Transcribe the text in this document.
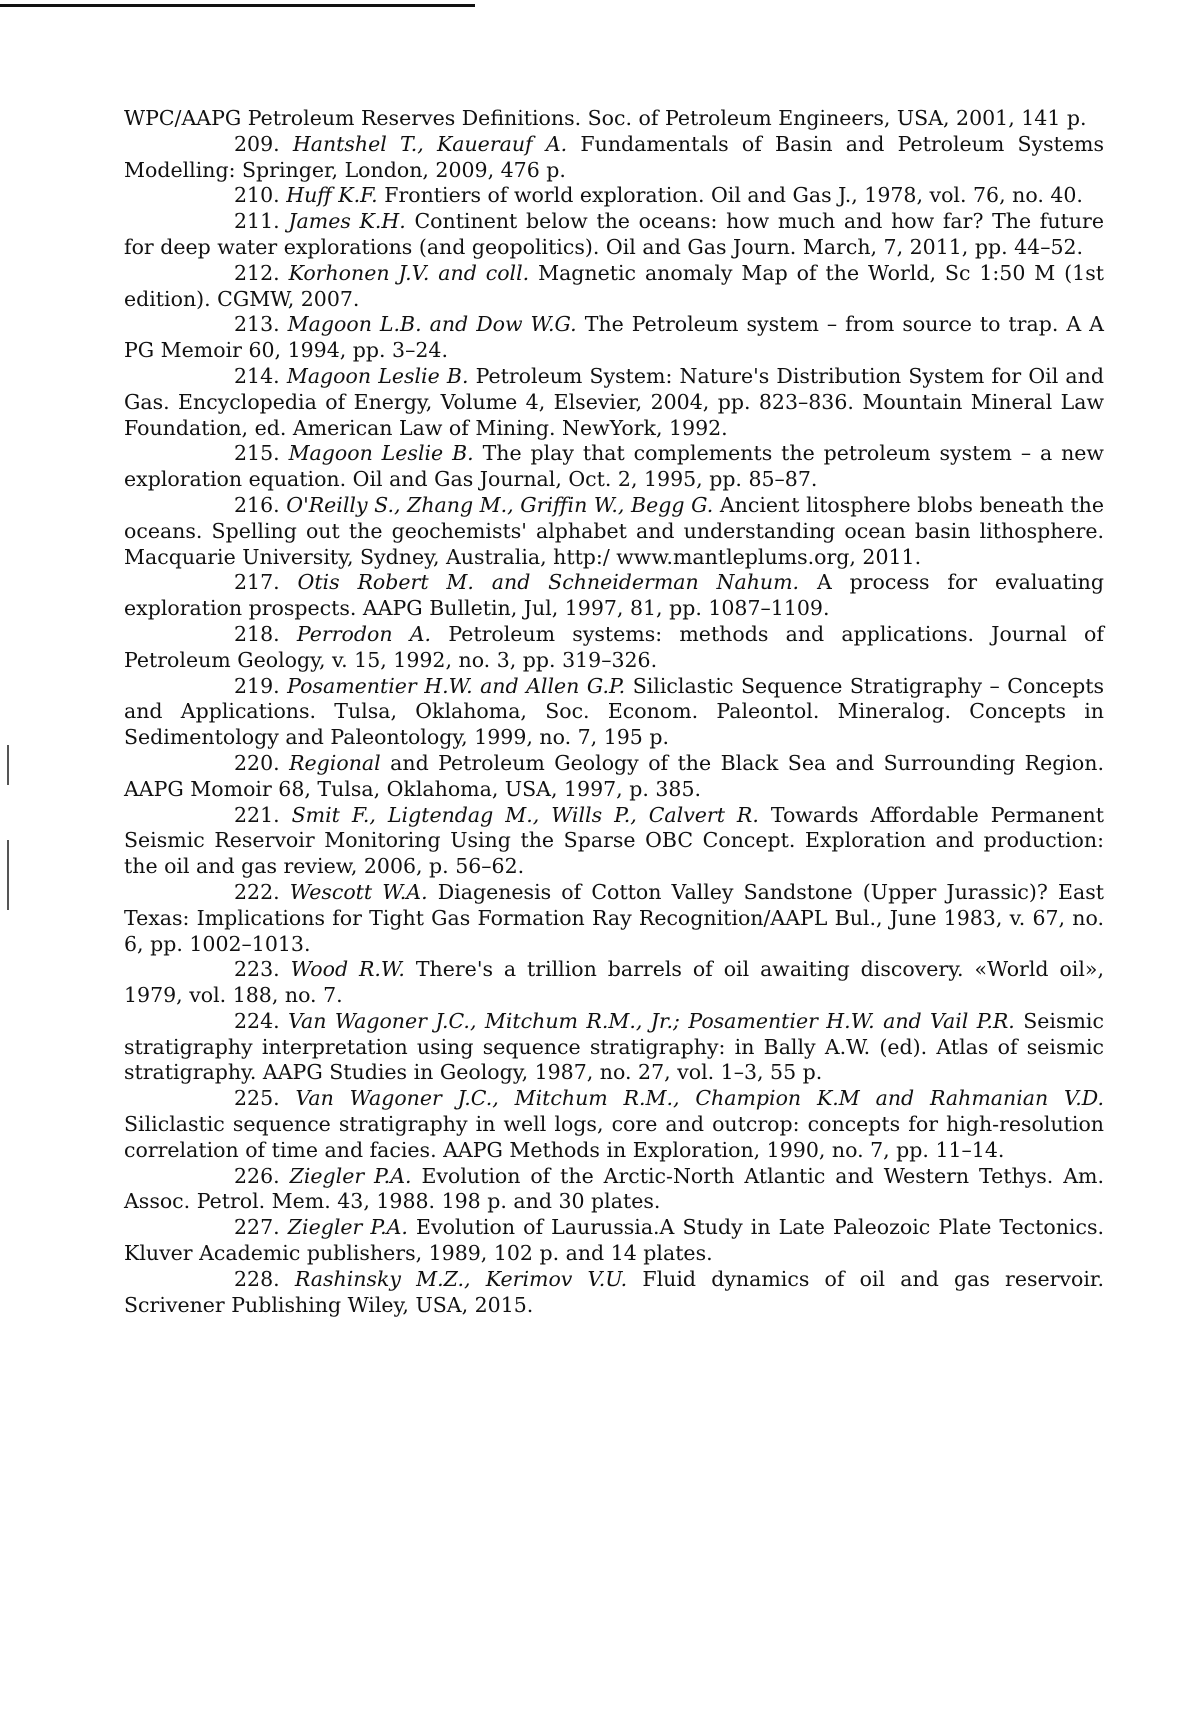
WPC/AAPG Petroleum Reserves Definitions. Soc. of Petroleum Engineers, USA, 2001, 141 p.

209. Hantshel T., Kauerauf A. Fundamentals of Basin and Petroleum Systems Modelling: Springer, London, 2009, 476 p.

210. Huff K.F. Frontiers of world exploration. Oil and Gas J., 1978, vol. 76, no. 40.

211. James K.H. Continent below the oceans: how much and how far? The future for deep water explorations (and geopolitics). Oil and Gas Journ. March, 7, 2011, pp. 44–52.

212. Korhonen J.V. and coll. Magnetic anomaly Map of the World, Sc 1:50 M (1st edition). CGMW, 2007.

213. Magoon L.B. and Dow W.G. The Petroleum system – from source to trap. A A PG Memoir 60, 1994, pp. 3–24.

214. Magoon Leslie B. Petroleum System: Nature's Distribution System for Oil and Gas. Encyclopedia of Energy, Volume 4, Elsevier, 2004, pp. 823–836. Mountain Mineral Law Foundation, ed. American Law of Mining. NewYork, 1992.

215. Magoon Leslie B. The play that complements the petroleum system – a new exploration equation. Oil and Gas Journal, Oct. 2, 1995, pp. 85–87.

216. O'Reilly S., Zhang M., Griffin W., Begg G. Ancient litosphere blobs beneath the oceans. Spelling out the geochemists' alphabet and understanding ocean basin lithosphere. Macquarie University, Sydney, Australia, http:/ www.mantleplums.org, 2011.

217. Otis Robert M. and Schneiderman Nahum. A process for evaluating exploration prospects. AAPG Bulletin, Jul, 1997, 81, pp. 1087–1109.

218. Perrodon A. Petroleum systems: methods and applications. Journal of Petroleum Geology, v. 15, 1992, no. 3, pp. 319–326.

219. Posamentier H.W. and Allen G.P. Siliclastic Sequence Stratigraphy – Concepts and Applications. Tulsa, Oklahoma, Soc. Econom. Paleontol. Mineralog. Concepts in Sedimentology and Paleontology, 1999, no. 7, 195 p.

220. Regional and Petroleum Geology of the Black Sea and Surrounding Region. AAPG Momoir 68, Tulsa, Oklahoma, USA, 1997, p. 385.

221. Smit F., Ligtendag M., Wills P., Calvert R. Towards Affordable Permanent Seismic Reservoir Monitoring Using the Sparse OBC Concept. Exploration and production: the oil and gas review, 2006, p. 56–62.

222. Wescott W.A. Diagenesis of Cotton Valley Sandstone (Upper Jurassic)? East Texas: Implications for Tight Gas Formation Ray Recognition/AAPL Bul., June 1983, v. 67, no. 6, pp. 1002–1013.

223. Wood R.W. There's a trillion barrels of oil awaiting discovery. «World oil», 1979, vol. 188, no. 7.

224. Van Wagoner J.C., Mitchum R.M., Jr.; Posamentier H.W. and Vail P.R. Seismic stratigraphy interpretation using sequence stratigraphy: in Bally A.W. (ed). Atlas of seismic stratigraphy. AAPG Studies in Geology, 1987, no. 27, vol. 1–3, 55 p.

225. Van Wagoner J.C., Mitchum R.M., Champion K.M and Rahmanian V.D. Siliclastic sequence stratigraphy in well logs, core and outcrop: concepts for high-resolution correlation of time and facies. AAPG Methods in Exploration, 1990, no. 7, pp. 11–14.

226. Ziegler P.A. Evolution of the Arctic-North Atlantic and Western Tethys. Am. Assoc. Petrol. Mem. 43, 1988. 198 p. and 30 plates.

227. Ziegler P.A. Evolution of Laurussia.A Study in Late Paleozoic Plate Tectonics. Kluver Academic publishers, 1989, 102 p. and 14 plates.

228. Rashinsky M.Z., Kerimov V.U. Fluid dynamics of oil and gas reservoir. Scrivener Publishing Wiley, USA, 2015.
